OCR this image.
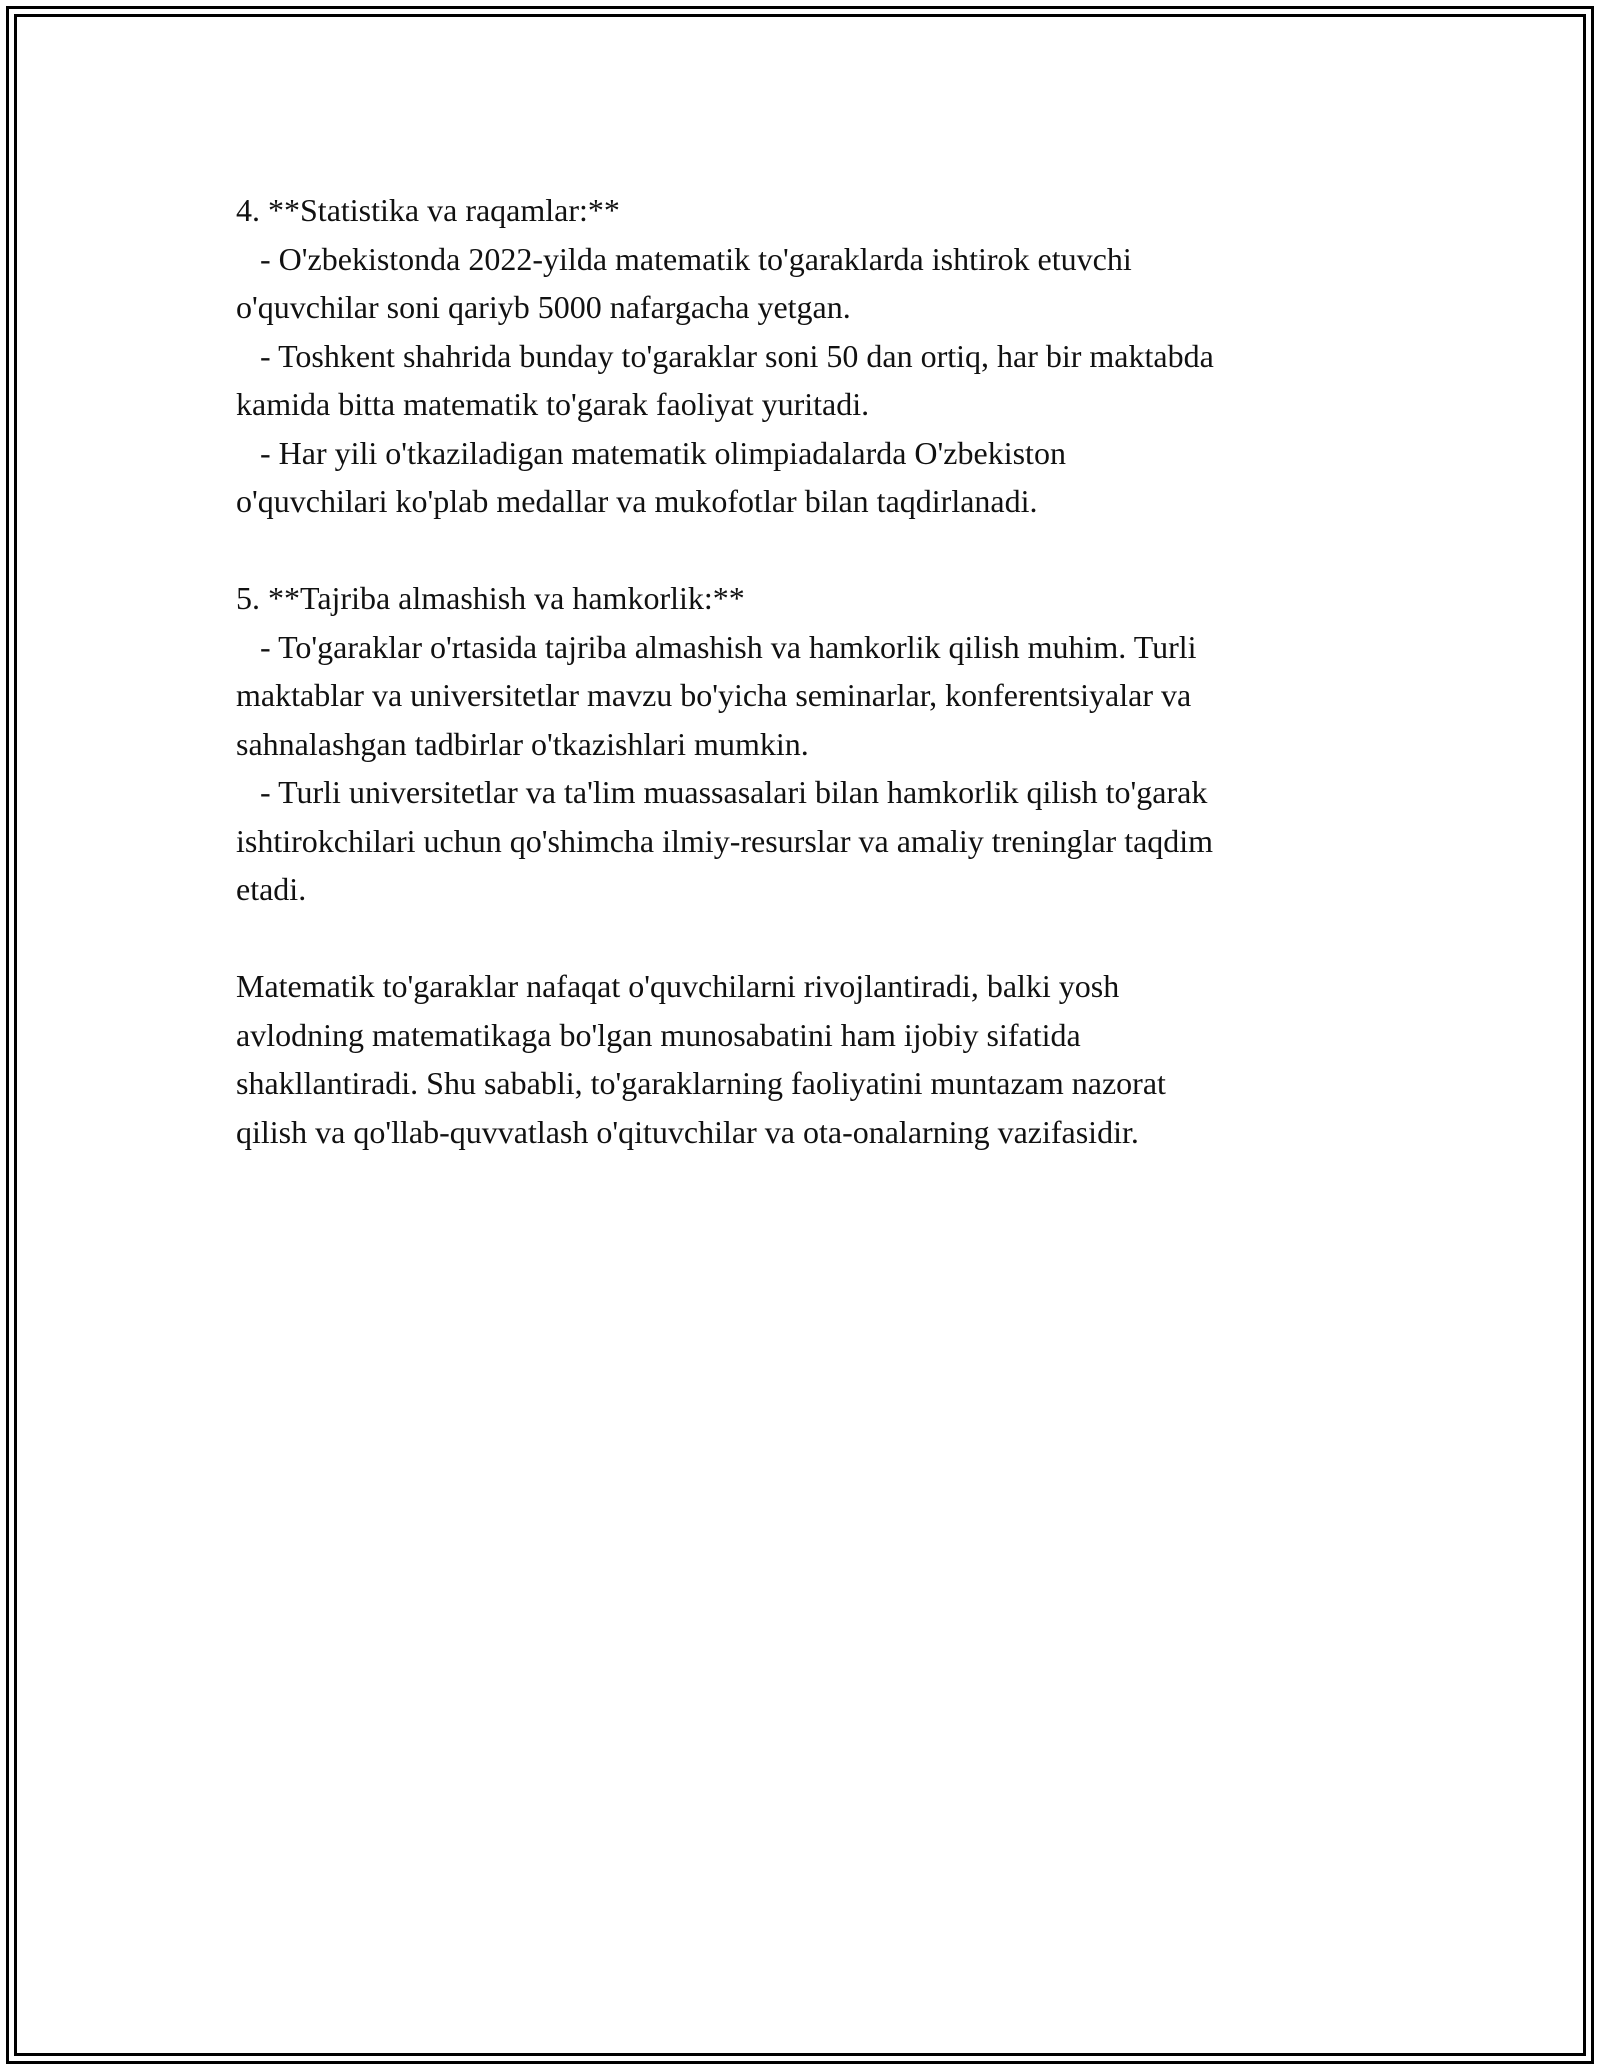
4. **Statistika va raqamlar:**

- O'zbekistonda 2022-yilda matematik to'garaklarda ishtirok etuvchi

o'quvchilar soni qariyb 5000 nafargacha yetgan.

- Toshkent shahrida bunday to'garaklar soni 50 dan ortiq, har bir maktabda

kamida bitta matematik to'garak faoliyat yuritadi.

- Har yili o'tkaziladigan matematik olimpiadalarda O'zbekiston

o'quvchilari ko'plab medallar va mukofotlar bilan taqdirlanadi.

5. **Tajriba almashish va hamkorlik:**

- To'garaklar o'rtasida tajriba almashish va hamkorlik qilish muhim. Turli

maktablar va universitetlar mavzu bo'yicha seminarlar, konferentsiyalar va

sahnalashgan tadbirlar o'tkazishlari mumkin.

- Turli universitetlar va ta'lim muassasalari bilan hamkorlik qilish to'garak

ishtirokchilari uchun qo'shimcha ilmiy-resurslar va amaliy treninglar taqdim

etadi.

Matematik to'garaklar nafaqat o'quvchilarni rivojlantiradi, balki yosh

avlodning matematikaga bo'lgan munosabatini ham ijobiy sifatida

shakllantiradi. Shu sababli, to'garaklarning faoliyatini muntazam nazorat

qilish va qo'llab-quvvatlash o'qituvchilar va ota-onalarning vazifasidir.
